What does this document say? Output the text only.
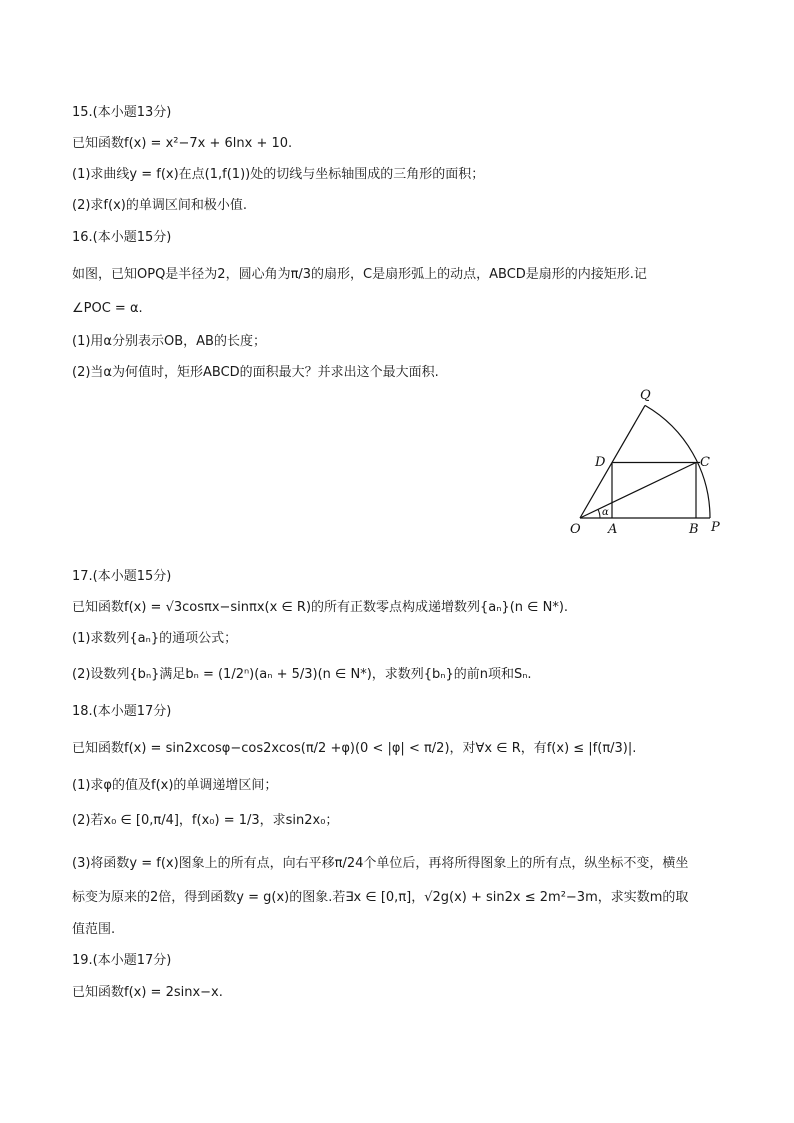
15.(本小题13分)
已知函数f(x) = x²−7x + 6lnx + 10.
(1)求曲线y = f(x)在点(1,f(1))处的切线与坐标轴围成的三角形的面积；
(2)求f(x)的单调区间和极小值.
16.(本小题15分)
如图，已知OPQ是半径为2，圆心角为π/3的扇形，C是扇形弧上的动点，ABCD是扇形的内接矩形.记
∠POC = α.
(1)用α分别表示OB，AB的长度；
(2)当α为何值时，矩形ABCD的面积最大？并求出这个最大面积.
Q
D	C
O A	B P
α
17.(本小题15分)
已知函数f(x) = √3cosπx−sinπx(x ∈ R)的所有正数零点构成递增数列{aₙ}(n ∈ N*).
(1)求数列{aₙ}的通项公式；
(2)设数列{bₙ}满足bₙ = (1/2ⁿ)(aₙ + 5/3)(n ∈ N*)，求数列{bₙ}的前n项和Sₙ.
18.(本小题17分)
已知函数f(x) = sin2xcosφ−cos2xcos(π/2 +φ)(0 < |φ| < π/2)，对∀x ∈ R，有f(x) ≤ |f(π/3)|.
(1)求φ的值及f(x)的单调递增区间；
(2)若x₀ ∈ [0,π/4]，f(x₀) = 1/3，求sin2x₀；
(3)将函数y = f(x)图象上的所有点，向右平移π/24个单位后，再将所得图象上的所有点，纵坐标不变，横坐
标变为原来的2倍，得到函数y = g(x)的图象.若∃x ∈ [0,π]，√2g(x) + sin2x ≤ 2m²−3m，求实数m的取
值范围.
19.(本小题17分)
已知函数f(x) = 2sinx−x.
